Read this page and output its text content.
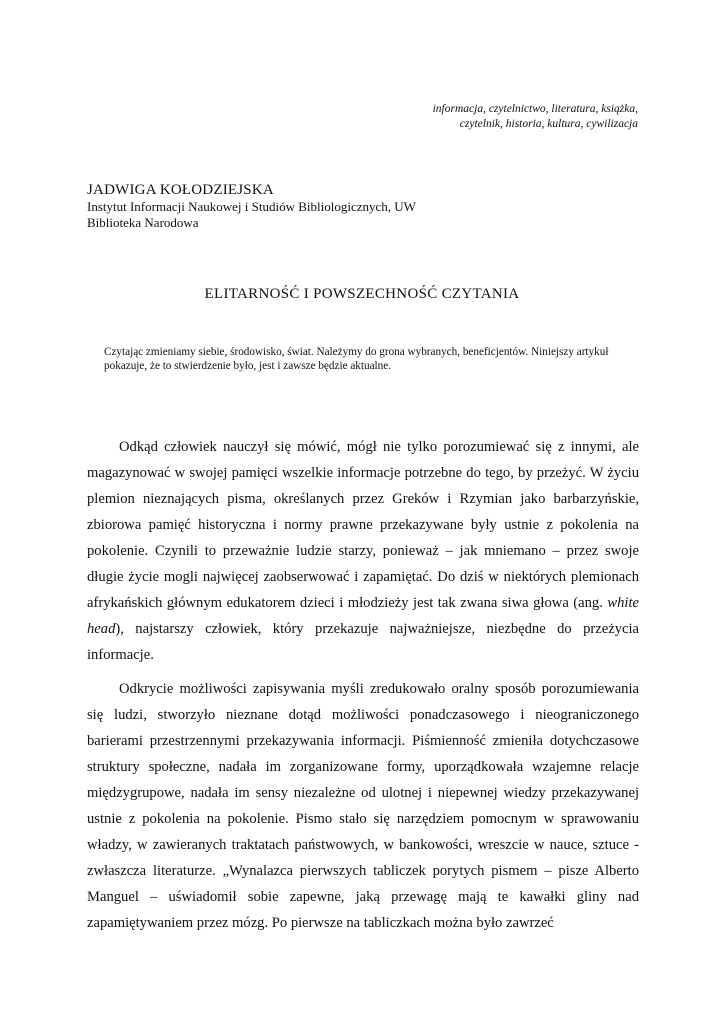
informacja, czytelnictwo, literatura, książka,
czytelnik, historia, kultura, cywilizacja
JADWIGA KOŁODZIEJSKA
Instytut Informacji Naukowej i Studiów Bibliologicznych, UW
Biblioteka Narodowa
ELITARNOŚĆ I POWSZECHNOŚĆ CZYTANIA
Czytając zmieniamy siebie, środowisko, świat. Należymy do grona wybranych, beneficjentów. Niniejszy artykuł pokazuje, że to stwierdzenie było, jest i zawsze będzie aktualne.

Odkąd człowiek nauczył się mówić, mógł nie tylko porozumiewać się z innymi, ale magazynować w swojej pamięci wszelkie informacje potrzebne do tego, by przeżyć. W życiu plemion nieznających pisma, określanych przez Greków i Rzymian jako barbarzyńskie, zbiorowa pamięć historyczna i normy prawne przekazywane były ustnie z pokolenia na pokolenie. Czynili to przeważnie ludzie starzy, ponieważ – jak mniemano – przez swoje długie życie mogli najwięcej zaobserwować i zapamiętać. Do dziś w niektórych plemionach afrykańskich głównym edukatorem dzieci i młodzieży jest tak zwana siwa głowa (ang. white head), najstarszy człowiek, który przekazuje najważniejsze, niezbędne do przeżycia informacje.

Odkrycie możliwości zapisywania myśli zredukowało oralny sposób porozumiewania się ludzi, stworzyło nieznane dotąd możliwości ponadczasowego i nieograniczonego barierami przestrzennymi przekazywania informacji. Piśmienność zmieniła dotychczasowe struktury społeczne, nadała im zorganizowane formy, uporządkowała wzajemne relacje międzygrupowe, nadała im sensy niezależne od ulotnej i niepewnej wiedzy przekazywanej ustnie z pokolenia na pokolenie. Pismo stało się narzędziem pomocnym w sprawowaniu władzy, w zawieranych traktatach państwowych, w bankowości, wreszcie w nauce, sztuce - zwłaszcza literaturze. „Wynalazca pierwszych tabliczek porytych pismem – pisze Alberto Manguel – uświadomił sobie zapewne, jaką przewagę mają te kawałki gliny nad zapamiętywaniem przez mózg. Po pierwsze na tabliczkach można było zawrzeć
